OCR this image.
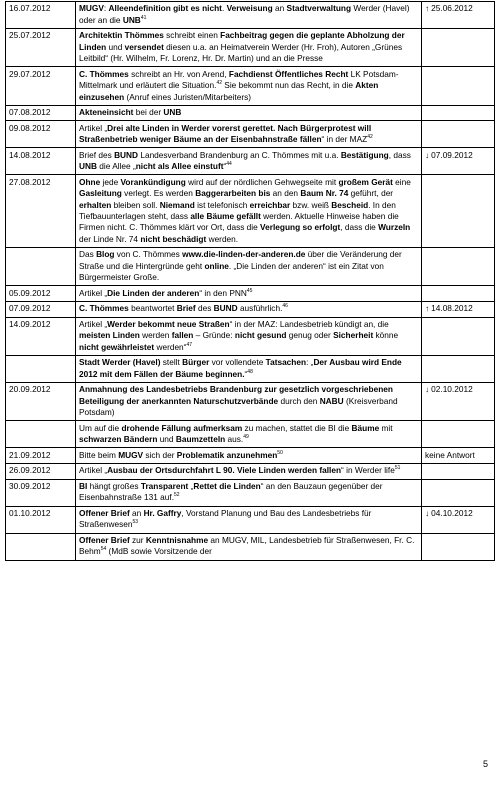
16.07.2012	MUGV: Alleendefinition gibt es nicht. Verweisung an Stadtverwaltung Werder (Havel) oder an die UNB$^{41}$	↑ 25.06.2012
25.07.2012	Architektin Thömmes schreibt einen Fachbeitrag gegen die geplante Abholzung der Linden und versendet diesen u.a. an Heimatverein Werder (Hr. Froh), Autoren „Grünes Leitbild“ (Hr. Wilhelm, Fr. Lorenz, Hr. Dr. Martin) und an die Presse	
29.07.2012	C. Thömmes schreibt an Hr. von Arend, Fachdienst Öffentliches Recht LK Potsdam-Mittelmark und erläutert die Situation.$^{42}$ Sie bekommt nun das Recht, in die Akten einzusehen (Anruf eines Juristen/Mitarbeiters)	
07.08.2012	Akteneinsicht bei der UNB	
09.08.2012	Artikel „Drei alte Linden in Werder vorerst gerettet. Nach Bürgerprotest will Straßenbetrieb weniger Bäume an der Eisenbahnstraße fällen“ in der MAZ$^{42}$	
14.08.2012	Brief des BUND Landesverband Brandenburg an C. Thömmes mit u.a. Bestätigung, dass UNB die Allee „nicht als Allee einstuft“$^{44}$	↓ 07.09.2012
27.08.2012	Ohne jede Vorankündigung wird auf der nördlichen Gehwegseite mit großem Gerät eine Gasleitung verlegt. Es werden Baggerarbeiten bis an den Baum Nr. 74 geführt, der erhalten bleiben soll. Niemand ist telefonisch erreichbar bzw. weiß Bescheid. In den Tiefbauunterlagen steht, dass alle Bäume gefällt werden. Aktuelle Hinweise haben die Firmen nicht. C. Thömmes klärt vor Ort, dass die Verlegung so erfolgt, dass die Wurzeln der Linde Nr. 74 nicht beschädigt werden.	
	Das Blog von C. Thömmes www.die-linden-der-anderen.de über die Veränderung der Straße und die Hintergründe geht online. „Die Linden der anderen“ ist ein Zitat von Bürgermeister Große.	
05.09.2012	Artikel „Die Linden der anderen“ in den PNN$^{45}$	
07.09.2012	C. Thömmes beantwortet Brief des BUND ausführlich.$^{46}$	↑ 14.08.2012
14.09.2012	Artikel „Werder bekommt neue Straßen“ in der MAZ: Landesbetrieb kündigt an, die meisten Linden werden fallen – Gründe: nicht gesund genug oder Sicherheit könne nicht gewährleistet werden“$^{47}$	
	Stadt Werder (Havel) stellt Bürger vor vollendete Tatsachen: „Der Ausbau wird Ende 2012 mit dem Fällen der Bäume beginnen.“$^{48}$	
20.09.2012	Anmahnung des Landesbetriebs Brandenburg zur gesetzlich vorgeschriebenen Beteiligung der anerkannten Naturschutzverbände durch den NABU (Kreisverband Potsdam)	↓ 02.10.2012
	Um auf die drohende Fällung aufmerksam zu machen, stattet die BI die Bäume mit schwarzen Bändern und Baumzetteln aus.$^{49}$	
21.09.2012	Bitte beim MUGV sich der Problematik anzunehmen$^{50}$	keine Antwort
26.09.2012	Artikel „Ausbau der Ortsdurchfahrt L 90. Viele Linden werden fallen“ in Werder life$^{51}$	
30.09.2012	BI hängt großes Transparent „Rettet die Linden“ an den Bauzaun gegenüber der Eisenbahnstraße 131 auf.$^{52}$	
01.10.2012	Offener Brief an Hr. Gaffry, Vorstand Planung und Bau des Landesbetriebs für Straßenwesen$^{53}$	↓ 04.10.2012
	Offener Brief zur Kenntnisnahme an MUGV, MIL, Landesbetrieb für Straßenwesen, Fr. C. Behm$^{54}$ (MdB sowie Vorsitzende der	
5
